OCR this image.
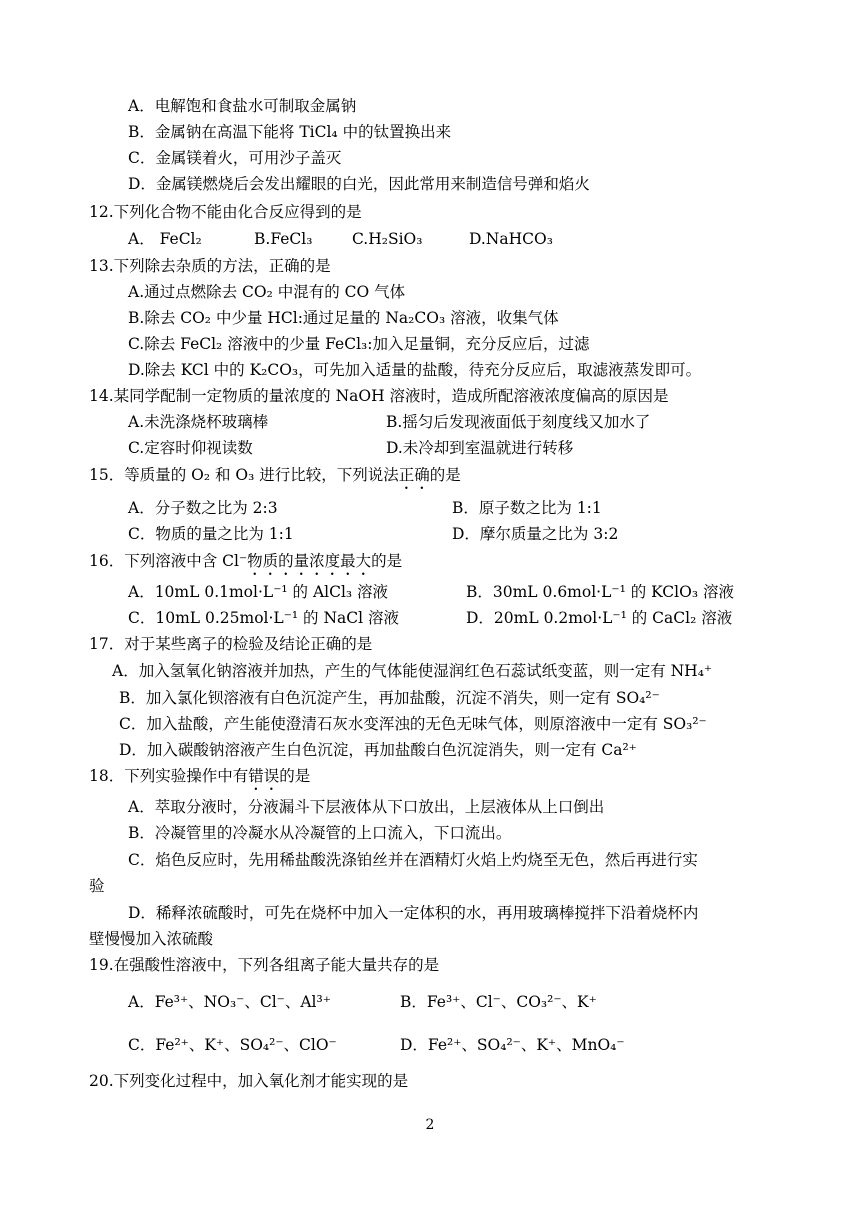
A．电解饱和食盐水可制取金属钠
B．金属钠在高温下能将 TiCl₄ 中的钛置换出来
C．金属镁着火，可用沙子盖灭
D．金属镁燃烧后会发出耀眼的白光，因此常用来制造信号弹和焰火
12.下列化合物不能由化合反应得到的是
A． FeCl₂	B.FeCl₃	C.H₂SiO₃	D.NaHCO₃
13.下列除去杂质的方法，正确的是
A.通过点燃除去 CO₂ 中混有的 CO 气体
B.除去 CO₂ 中少量 HCl:通过足量的 Na₂CO₃ 溶液，收集气体
C.除去 FeCl₂ 溶液中的少量 FeCl₃:加入足量铜，充分反应后，过滤
D.除去 KCl 中的 K₂CO₃，可先加入适量的盐酸，待充分反应后，取滤液蒸发即可。
14.某同学配制一定物质的量浓度的 NaOH 溶液时，造成所配溶液浓度偏高的原因是
A.未洗涤烧杯玻璃棒	B.摇匀后发现液面低于刻度线又加水了
C.定容时仰视读数	D.未冷却到室温就进行转移
15．等质量的 O₂ 和 O₃ 进行比较，下列说法正确的是
A．分子数之比为 2:3	B．原子数之比为 1:1
C．物质的量之比为 1:1	D．摩尔质量之比为 3:2
16．下列溶液中含 Cl⁻物质的量浓度最大的是
A．10mL 0.1mol·L⁻¹ 的 AlCl₃ 溶液	B．30mL 0.6mol·L⁻¹ 的 KClO₃ 溶液
C．10mL 0.25mol·L⁻¹ 的 NaCl 溶液	D．20mL 0.2mol·L⁻¹ 的 CaCl₂ 溶液
17．对于某些离子的检验及结论正确的是
A．加入氢氧化钠溶液并加热，产生的气体能使湿润红色石蕊试纸变蓝，则一定有 NH₄⁺
B．加入氯化钡溶液有白色沉淀产生，再加盐酸，沉淀不消失，则一定有 SO₄²⁻
C．加入盐酸，产生能使澄清石灰水变浑浊的无色无味气体，则原溶液中一定有 SO₃²⁻
D．加入碳酸钠溶液产生白色沉淀，再加盐酸白色沉淀消失，则一定有 Ca²⁺
18．下列实验操作中有错误的是
A．萃取分液时，分液漏斗下层液体从下口放出，上层液体从上口倒出
B．冷凝管里的冷凝水从冷凝管的上口流入，下口流出。
C．焰色反应时，先用稀盐酸洗涤铂丝并在酒精灯火焰上灼烧至无色，然后再进行实
验
D．稀释浓硫酸时，可先在烧杯中加入一定体积的水，再用玻璃棒搅拌下沿着烧杯内
壁慢慢加入浓硫酸
19.在强酸性溶液中，下列各组离子能大量共存的是
A．Fe³⁺、NO₃⁻、Cl⁻、Al³⁺	B．Fe³⁺、Cl⁻、CO₃²⁻、K⁺
C．Fe²⁺、K⁺、SO₄²⁻、ClO⁻	D．Fe²⁺、SO₄²⁻、K⁺、MnO₄⁻
20.下列变化过程中，加入氧化剂才能实现的是
2
